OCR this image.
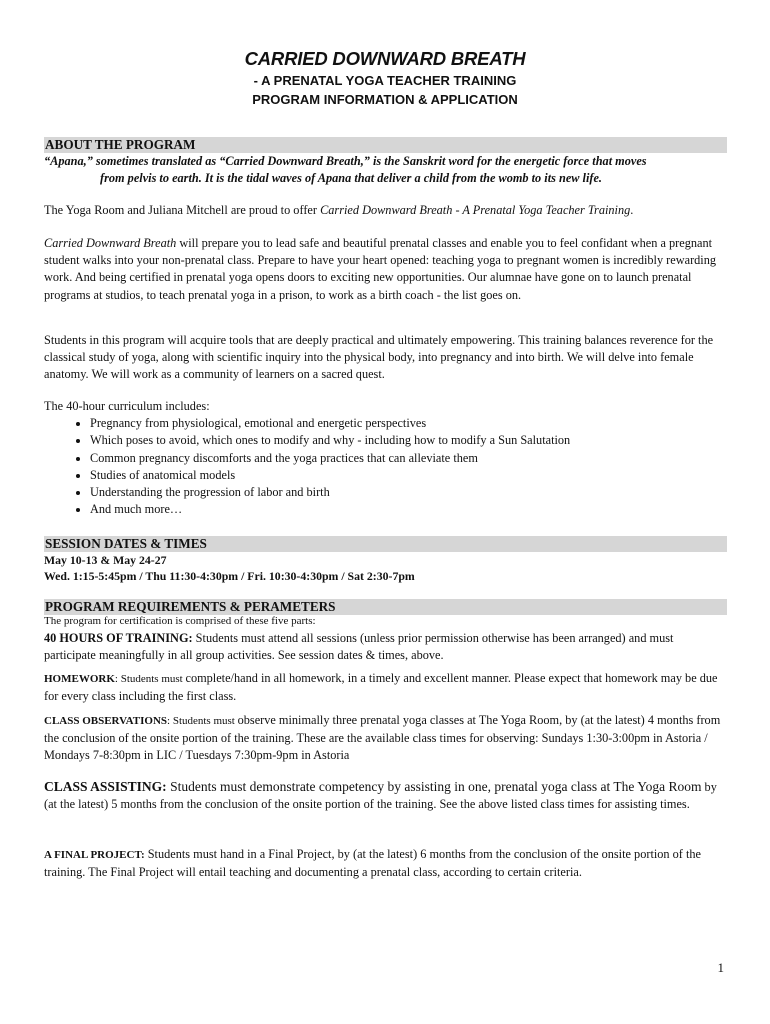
CARRIED DOWNWARD BREATH
- A PRENATAL YOGA TEACHER TRAINING
PROGRAM INFORMATION & APPLICATION
ABOUT THE PROGRAM
“Apana,” sometimes translated as “Carried Downward Breath,” is the Sanskrit word for the energetic force that moves
from pelvis to earth. It is the tidal waves of Apana that deliver a child from the womb to its new life.
The Yoga Room and Juliana Mitchell are proud to offer Carried Downward Breath - A Prenatal Yoga Teacher Training.
Carried Downward Breath will prepare you to lead safe and beautiful prenatal classes and enable you to feel confidant when a pregnant student walks into your non-prenatal class. Prepare to have your heart opened: teaching yoga to pregnant women is incredibly rewarding work. And being certified in prenatal yoga opens doors to exciting new opportunities. Our alumnae have gone on to launch prenatal programs at studios, to teach prenatal yoga in a prison, to work as a birth coach - the list goes on.
Students in this program will acquire tools that are deeply practical and ultimately empowering. This training balances reverence for the classical study of yoga, along with scientific inquiry into the physical body, into pregnancy and into birth. We will delve into female anatomy. We will work as a community of learners on a sacred quest.
The 40-hour curriculum includes:
• Pregnancy from physiological, emotional and energetic perspectives
• Which poses to avoid, which ones to modify and why - including how to modify a Sun Salutation
• Common pregnancy discomforts and the yoga practices that can alleviate them
• Studies of anatomical models
• Understanding the progression of labor and birth
• And much more…
SESSION DATES & TIMES
May 10-13 & May 24-27
Wed. 1:15-5:45pm / Thu 11:30-4:30pm / Fri. 10:30-4:30pm / Sat 2:30-7pm
PROGRAM REQUIREMENTS & PERAMETERS
The program for certification is comprised of these five parts:
40 HOURS OF TRAINING: Students must attend all sessions (unless prior permission otherwise has been arranged) and must participate meaningfully in all group activities. See session dates & times, above.
HOMEWORK: Students must complete/hand in all homework, in a timely and excellent manner. Please expect that homework may be due for every class including the first class.
CLASS OBSERVATIONS: Students must observe minimally three prenatal yoga classes at The Yoga Room, by (at the latest) 4 months from the conclusion of the onsite portion of the training. These are the available class times for observing: Sundays 1:30-3:00pm in Astoria / Mondays 7-8:30pm in LIC / Tuesdays 7:30pm-9pm in Astoria
CLASS ASSISTING: Students must demonstrate competency by assisting in one, prenatal yoga class at The Yoga Room by (at the latest) 5 months from the conclusion of the onsite portion of the training. See the above listed class times for assisting times.
A FINAL PROJECT: Students must hand in a Final Project, by (at the latest) 6 months from the conclusion of the onsite portion of the training. The Final Project will entail teaching and documenting a prenatal class, according to certain criteria.
1
